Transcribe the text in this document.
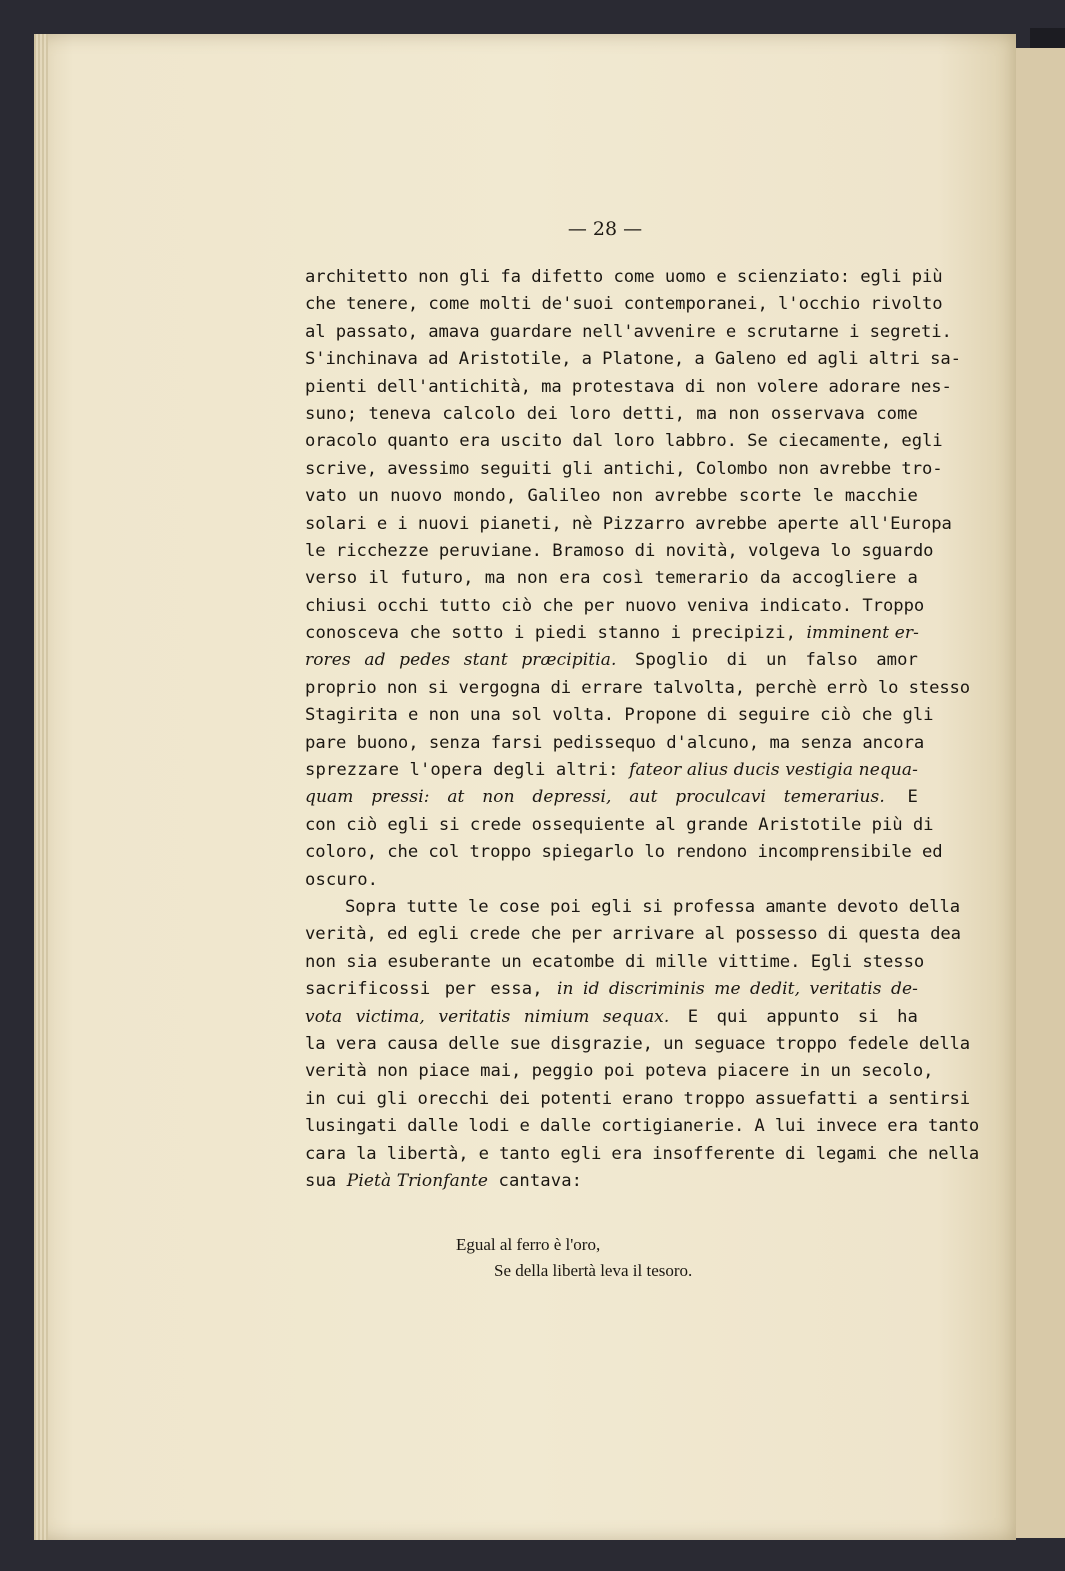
— 28 —
architetto non gli fa difetto come uomo e scienziato: egli più
che tenere, come molti de'suoi contemporanei, l'occhio rivolto
al passato, amava guardare nell'avvenire e scrutarne i segreti.
S'inchinava ad Aristotile, a Platone, a Galeno ed agli altri sa-
pienti dell'antichità, ma protestava di non volere adorare nes-
suno; teneva calcolo dei loro detti, ma non osservava come
oracolo quanto era uscito dal loro labbro. Se ciecamente, egli
scrive, avessimo seguiti gli antichi, Colombo non avrebbe tro-
vato un nuovo mondo, Galileo non avrebbe scorte le macchie
solari e i nuovi pianeti, nè Pizzarro avrebbe aperte all'Europa
le ricchezze peruviane. Bramoso di novità, volgeva lo sguardo
verso il futuro, ma non era così temerario da accogliere a
chiusi occhi tutto ciò che per nuovo veniva indicato. Troppo
conosceva che sotto i piedi stanno i precipizi, imminent er-
rores ad pedes stant præcipitia. Spoglio di un falso amor
proprio non si vergogna di errare talvolta, perchè errò lo stesso
Stagirita e non una sol volta. Propone di seguire ciò che gli
pare buono, senza farsi pedissequo d'alcuno, ma senza ancora
sprezzare l'opera degli altri: fateor alius ducis vestigia nequa-
quam pressi: at non depressi, aut proculcavi temerarius. E
con ciò egli si crede ossequiente al grande Aristotile più di
coloro, che col troppo spiegarlo lo rendono incomprensibile ed
oscuro.
Sopra tutte le cose poi egli si professa amante devoto della
verità, ed egli crede che per arrivare al possesso di questa dea
non sia esuberante un ecatombe di mille vittime. Egli stesso
sacrificossi per essa, in id discriminis me dedit, veritatis de-
vota victima, veritatis nimium sequax. E qui appunto si ha
la vera causa delle sue disgrazie, un seguace troppo fedele della
verità non piace mai, peggio poi poteva piacere in un secolo,
in cui gli orecchi dei potenti erano troppo assuefatti a sentirsi
lusingati dalle lodi e dalle cortigianerie. A lui invece era tanto
cara la libertà, e tanto egli era insofferente di legami che nella
sua Pietà Trionfante cantava:
Egual al ferro è l'oro,
Se della libertà leva il tesoro.
